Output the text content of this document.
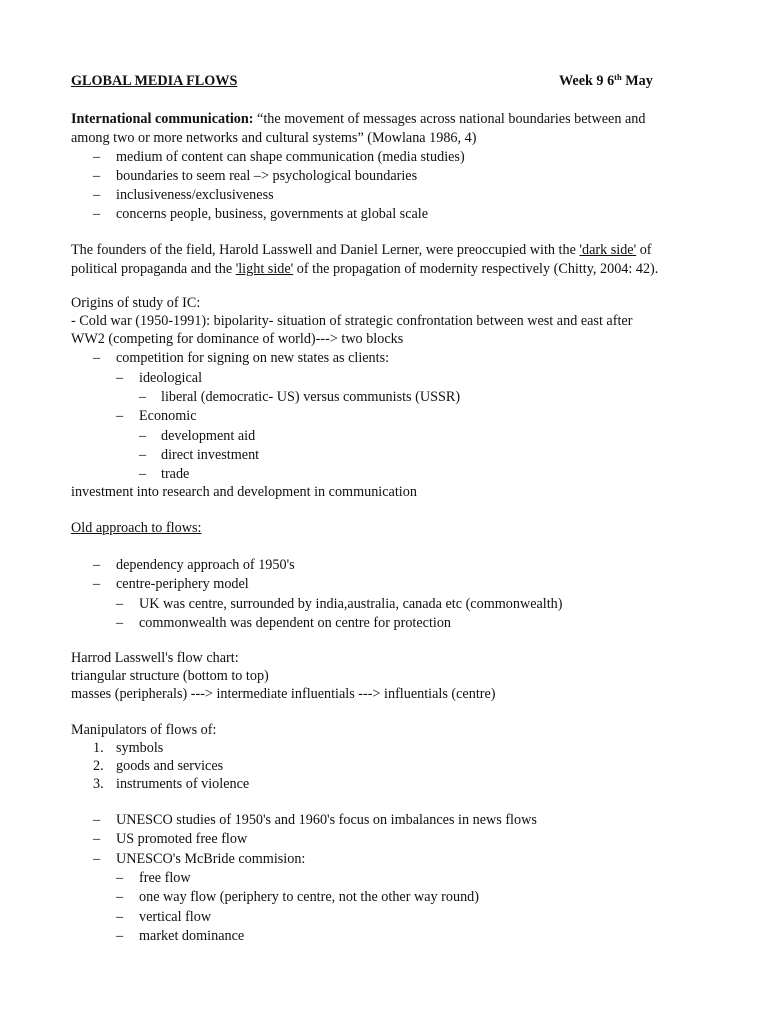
GLOBAL MEDIA FLOWS	Week 9 6th May
International communication: “the movement of messages across national boundaries between and
among two or more networks and cultural systems” (Mowlana 1986, 4)
– medium of content can shape communication (media studies)
– boundaries to seem real –> psychological boundaries
– inclusiveness/exclusiveness
– concerns people, business, governments at global scale
The founders of the field, Harold Lasswell and Daniel Lerner, were preoccupied with the 'dark side' of
political propaganda and the 'light side' of the propagation of modernity respectively (Chitty, 2004: 42).
Origins of study of IC:
- Cold war (1950-1991): bipolarity- situation of strategic confrontation between west and east after
WW2 (competing for dominance of world)---> two blocks
– competition for signing on new states as clients:
– ideological
– liberal (democratic- US) versus communists (USSR)
– Economic
– development aid
– direct investment
– trade
investment into research and development in communication
Old approach to flows:
– dependency approach of 1950's
– centre-periphery model
– UK was centre, surrounded by india,australia, canada etc (commonwealth)
– commonwealth was dependent on centre for protection
Harrod Lasswell's flow chart:
triangular structure (bottom to top)
masses (peripherals) ---> intermediate influentials ---> influentials (centre)
Manipulators of flows of:
1. symbols
2. goods and services
3. instruments of violence
– UNESCO studies of 1950's and 1960's focus on imbalances in news flows
– US promoted free flow
– UNESCO's McBride commision:
– free flow
– one way flow (periphery to centre, not the other way round)
– vertical flow
– market dominance
